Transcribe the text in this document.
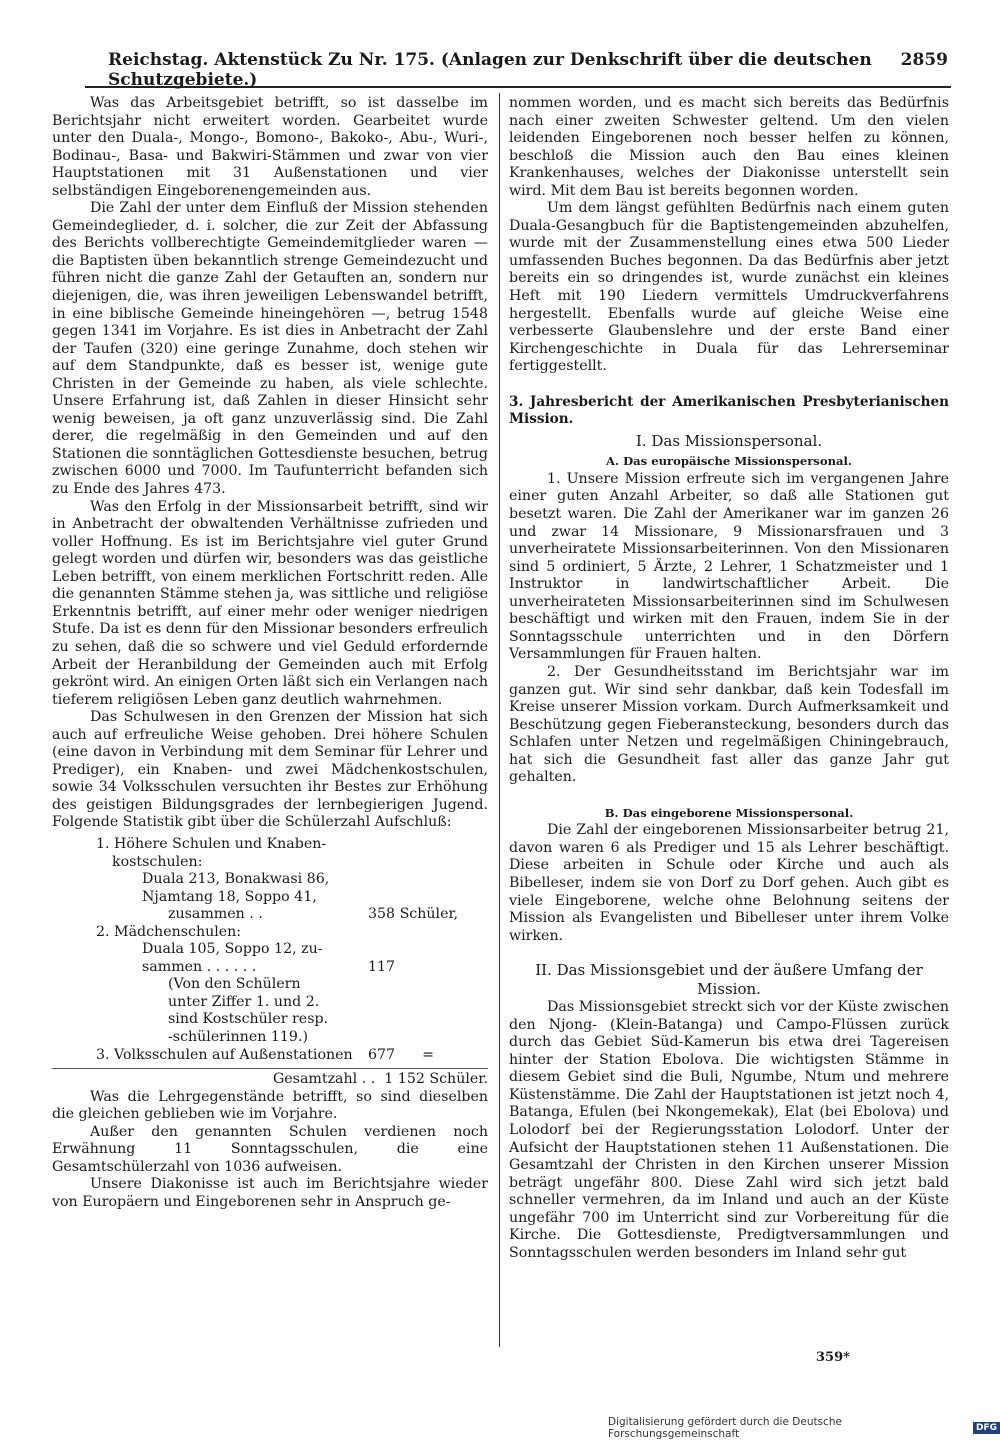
Reichstag. Aktenstück Zu Nr. 175. (Anlagen zur Denkschrift über die deutschen Schutzgebiete.)
2859

Was das Arbeitsgebiet betrifft, so ist dasselbe im Berichtsjahr nicht erweitert worden. Gearbeitet wurde unter den Duala-, Mongo-, Bomono-, Bakoko-, Abu-, Wuri-, Bodinau-, Basa- und Bakwiri-Stämmen und zwar von vier Hauptstationen mit 31 Außenstationen und vier selbständigen Eingeborenengemeinden aus.

Die Zahl der unter dem Einfluß der Mission stehenden Gemeindeglieder, d. i. solcher, die zur Zeit der Abfassung des Berichts vollberechtigte Gemeindemitglieder waren — die Baptisten üben bekanntlich strenge Gemeindezucht und führen nicht die ganze Zahl der Getauften an, sondern nur diejenigen, die, was ihren jeweiligen Lebenswandel betrifft, in eine biblische Gemeinde hineingehören —, betrug 1548 gegen 1341 im Vorjahre. Es ist dies in Anbetracht der Zahl der Taufen (320) eine geringe Zunahme, doch stehen wir auf dem Standpunkte, daß es besser ist, wenige gute Christen in der Gemeinde zu haben, als viele schlechte. Unsere Erfahrung ist, daß Zahlen in dieser Hinsicht sehr wenig beweisen, ja oft ganz unzuverlässig sind. Die Zahl derer, die regelmäßig in den Gemeinden und auf den Stationen die sonntäglichen Gottesdienste besuchen, betrug zwischen 6000 und 7000. Im Taufunterricht befanden sich zu Ende des Jahres 473.

Was den Erfolg in der Missionsarbeit betrifft, sind wir in Anbetracht der obwaltenden Verhältnisse zufrieden und voller Hoffnung. Es ist im Berichtsjahre viel guter Grund gelegt worden und dürfen wir, besonders was das geistliche Leben betrifft, von einem merklichen Fortschritt reden. Alle die genannten Stämme stehen ja, was sittliche und religiöse Erkenntnis betrifft, auf einer mehr oder weniger niedrigen Stufe. Da ist es denn für den Missionar besonders erfreulich zu sehen, daß die so schwere und viel Geduld erfordernde Arbeit der Heranbildung der Gemeinden auch mit Erfolg gekrönt wird. An einigen Orten läßt sich ein Verlangen nach tieferem religiösen Leben ganz deutlich wahrnehmen.

Das Schulwesen in den Grenzen der Mission hat sich auch auf erfreuliche Weise gehoben. Drei höhere Schulen (eine davon in Verbindung mit dem Seminar für Lehrer und Prediger), ein Knaben- und zwei Mädchenkostschulen, sowie 34 Volksschulen versuchten ihr Bestes zur Erhöhung des geistigen Bildungsgrades der lernbegierigen Jugend. Folgende Statistik gibt über die Schülerzahl Aufschluß:

1. Höhere Schulen und Knaben-
kostschulen:
Duala 213, Bonakwasi 86,
Njamtang 18, Soppo 41,
zusammen . .	358 Schüler,
2. Mädchenschulen:
Duala 105, Soppo 12, zu-
sammen . . . . . .	117
(Von den Schülern
unter Ziffer 1. und 2.
sind Kostschüler resp.
-schülerinnen 119.)
3. Volksschulen auf Außenstationen 677 =
Gesamtzahl . . 1 152 Schüler.

Was die Lehrgegenstände betrifft, so sind dieselben die gleichen geblieben wie im Vorjahre.

Außer den genannten Schulen verdienen noch Erwähnung 11 Sonntagsschulen, die eine Gesamtschülerzahl von 1036 aufweisen.

Unsere Diakonisse ist auch im Berichtsjahre wieder von Europäern und Eingeborenen sehr in Anspruch ge-

nommen worden, und es macht sich bereits das Bedürfnis nach einer zweiten Schwester geltend. Um den vielen leidenden Eingeborenen noch besser helfen zu können, beschloß die Mission auch den Bau eines kleinen Krankenhauses, welches der Diakonisse unterstellt sein wird. Mit dem Bau ist bereits begonnen worden.

Um dem längst gefühlten Bedürfnis nach einem guten Duala-Gesangbuch für die Baptistengemeinden abzuhelfen, wurde mit der Zusammenstellung eines etwa 500 Lieder umfassenden Buches begonnen. Da das Bedürfnis aber jetzt bereits ein so dringendes ist, wurde zunächst ein kleines Heft mit 190 Liedern vermittels Umdruckverfahrens hergestellt. Ebenfalls wurde auf gleiche Weise eine verbesserte Glaubenslehre und der erste Band einer Kirchengeschichte in Duala für das Lehrerseminar fertiggestellt.

3. Jahresbericht der Amerikanischen Presbyterianischen Mission.
I. Das Missionspersonal.
A. Das europäische Missionspersonal.

1. Unsere Mission erfreute sich im vergangenen Jahre einer guten Anzahl Arbeiter, so daß alle Stationen gut besetzt waren. Die Zahl der Amerikaner war im ganzen 26 und zwar 14 Missionare, 9 Missionarsfrauen und 3 unverheiratete Missionsarbeiterinnen. Von den Missionaren sind 5 ordiniert, 5 Ärzte, 2 Lehrer, 1 Schatzmeister und 1 Instruktor in landwirtschaftlicher Arbeit. Die unverheirateten Missionsarbeiterinnen sind im Schulwesen beschäftigt und wirken mit den Frauen, indem Sie in der Sonntagsschule unterrichten und in den Dörfern Versammlungen für Frauen halten.

2. Der Gesundheitsstand im Berichtsjahr war im ganzen gut. Wir sind sehr dankbar, daß kein Todesfall im Kreise unserer Mission vorkam. Durch Aufmerksamkeit und Beschützung gegen Fieberansteckung, besonders durch das Schlafen unter Netzen und regelmäßigen Chiningebrauch, hat sich die Gesundheit fast aller das ganze Jahr gut gehalten.

B. Das eingeborene Missionspersonal.

Die Zahl der eingeborenen Missionsarbeiter betrug 21, davon waren 6 als Prediger und 15 als Lehrer beschäftigt. Diese arbeiten in Schule oder Kirche und auch als Bibelleser, indem sie von Dorf zu Dorf gehen. Auch gibt es viele Eingeborene, welche ohne Belohnung seitens der Mission als Evangelisten und Bibelleser unter ihrem Volke wirken.

II. Das Missionsgebiet und der äußere Umfang der Mission.

Das Missionsgebiet streckt sich vor der Küste zwischen den Njong- (Klein-Batanga) und Campo-Flüssen zurück durch das Gebiet Süd-Kamerun bis etwa drei Tagereisen hinter der Station Ebolova. Die wichtigsten Stämme in diesem Gebiet sind die Buli, Ngumbe, Ntum und mehrere Küstenstämme. Die Zahl der Hauptstationen ist jetzt noch 4, Batanga, Efulen (bei Nkongemekak), Elat (bei Ebolova) und Lolodorf bei der Regierungsstation Lolodorf. Unter der Aufsicht der Hauptstationen stehen 11 Außenstationen. Die Gesamtzahl der Christen in den Kirchen unserer Mission beträgt ungefähr 800. Diese Zahl wird sich jetzt bald schneller vermehren, da im Inland und auch an der Küste ungefähr 700 im Unterricht sind zur Vorbereitung für die Kirche. Die Gottesdienste, Predigtversammlungen und Sonntagsschulen werden besonders im Inland sehr gut

359*
Digitalisierung gefördert durch die Deutsche Forschungsgemeinschaft	DFG
